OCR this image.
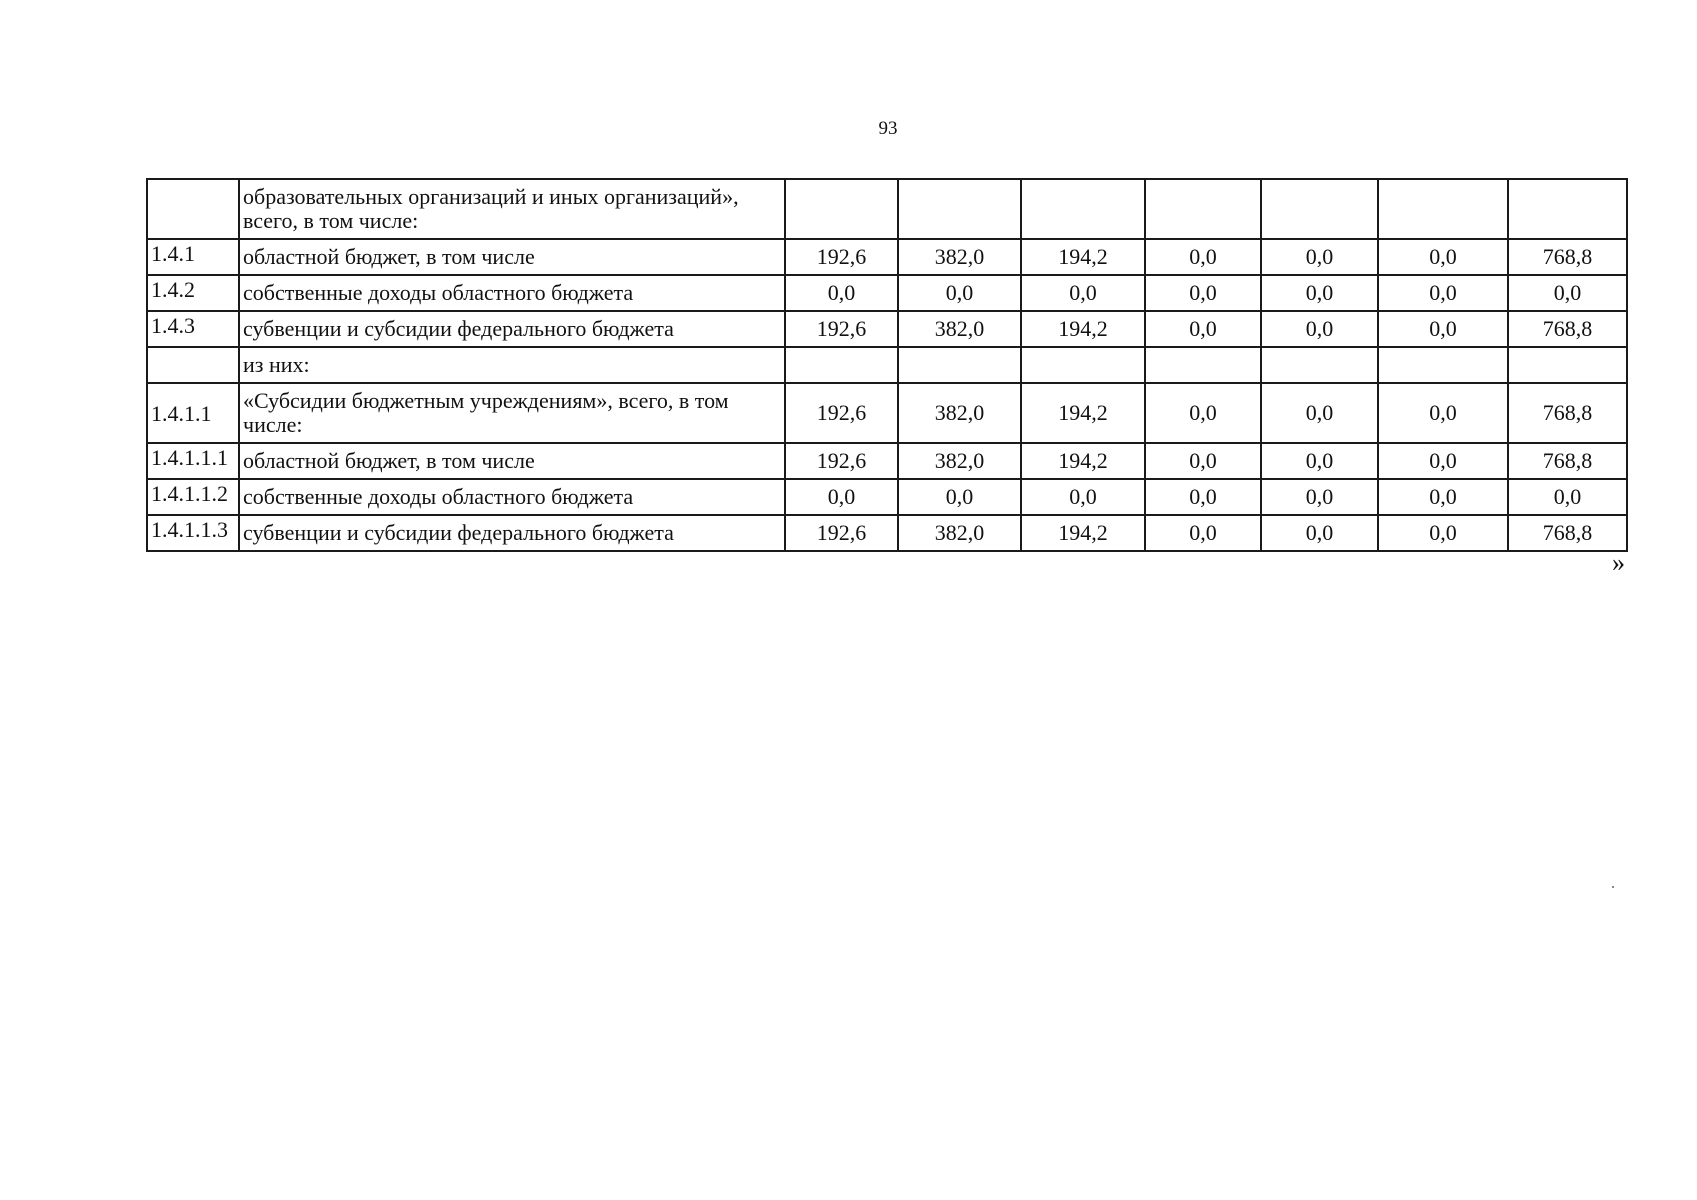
93
	образовательных организаций и иных организаций», всего, в том числе:							
1.4.1	областной бюджет, в том числе	192,6	382,0	194,2	0,0	0,0	0,0	768,8
1.4.2	собственные доходы областного бюджета	0,0	0,0	0,0	0,0	0,0	0,0	0,0
1.4.3	субвенции и субсидии федерального бюджета	192,6	382,0	194,2	0,0	0,0	0,0	768,8
	из них:							
1.4.1.1	«Субсидии бюджетным учреждениям», всего, в том числе:	192,6	382,0	194,2	0,0	0,0	0,0	768,8
1.4.1.1.1	областной бюджет, в том числе	192,6	382,0	194,2	0,0	0,0	0,0	768,8
1.4.1.1.2	собственные доходы областного бюджета	0,0	0,0	0,0	0,0	0,0	0,0	0,0
1.4.1.1.3	субвенции и субсидии федерального бюджета	192,6	382,0	194,2	0,0	0,0	0,0	768,8
»
